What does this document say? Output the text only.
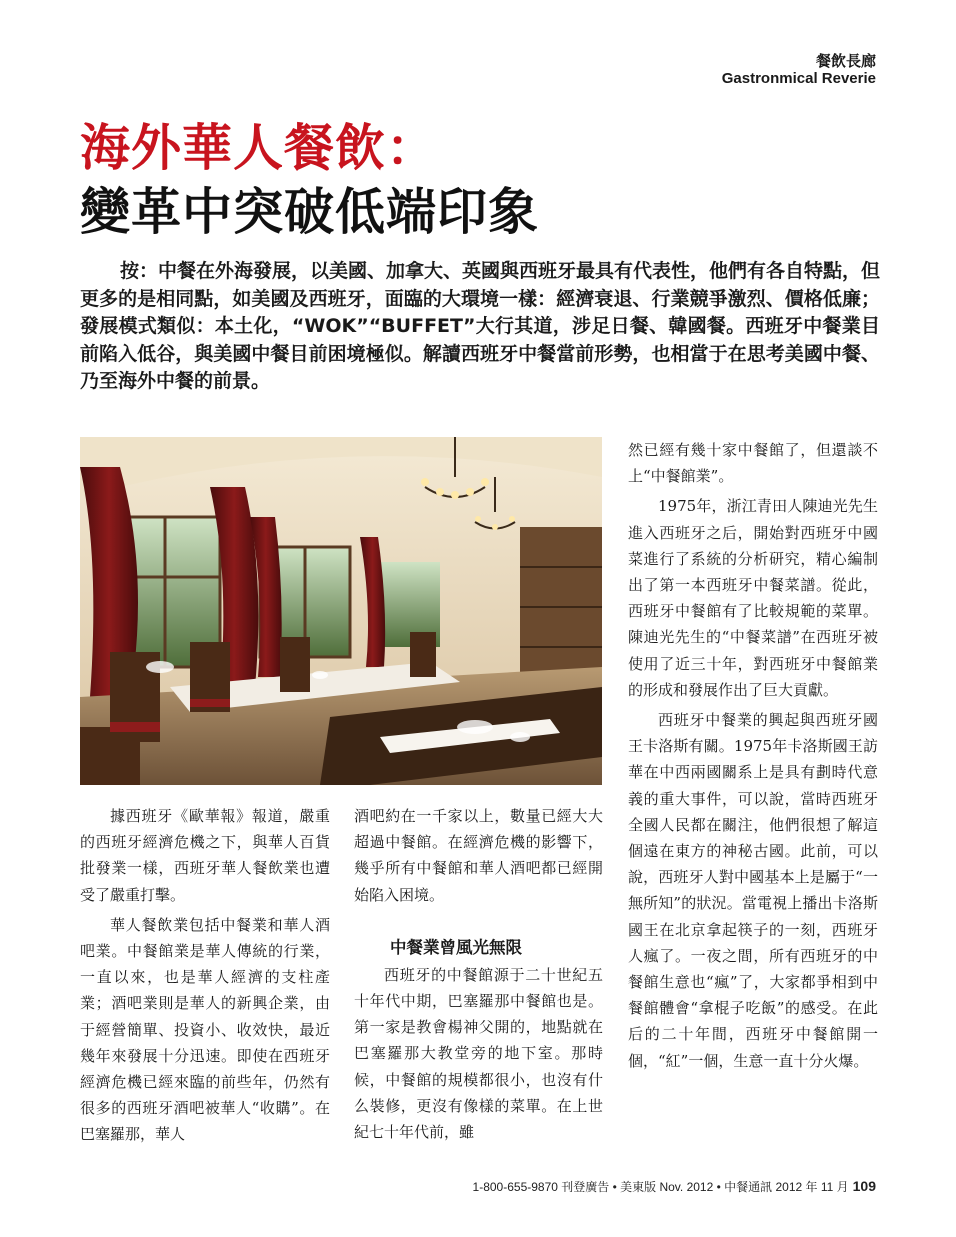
餐飲長廊
Gastronmical Reverie
海外華人餐飲：
變革中突破低端印象
按：中餐在外海發展，以美國、加拿大、英國與西班牙最具有代表性，他們有各自特點，但更多的是相同點，如美國及西班牙，面臨的大環境一樣：經濟衰退、行業競爭激烈、價格低廉；發展模式類似：本土化，“WOK”“BUFFET”大行其道，涉足日餐、韓國餐。西班牙中餐業目前陷入低谷，與美國中餐目前困境極似。解讀西班牙中餐當前形勢，也相當于在思考美國中餐、乃至海外中餐的前景。

據西班牙《歐華報》報道，嚴重的西班牙經濟危機之下，與華人百貨批發業一樣，西班牙華人餐飲業也遭受了嚴重打擊。

華人餐飲業包括中餐業和華人酒吧業。中餐館業是華人傳統的行業，一直以來，也是華人經濟的支柱產業；酒吧業則是華人的新興企業，由于經營簡單、投資小、收效快，最近幾年來發展十分迅速。即使在西班牙經濟危機已經來臨的前些年，仍然有很多的西班牙酒吧被華人“收購”。在巴塞羅那，華人

酒吧約在一千家以上，數量已經大大超過中餐館。在經濟危機的影響下，幾乎所有中餐館和華人酒吧都已經開始陷入困境。

中餐業曾風光無限

西班牙的中餐館源于二十世紀五十年代中期，巴塞羅那中餐館也是。第一家是教會楊神父開的，地點就在巴塞羅那大教堂旁的地下室。那時候，中餐館的規模都很小，也沒有什么裝修，更沒有像樣的菜單。在上世紀七十年代前，雖

然已經有幾十家中餐館了，但還談不上“中餐館業”。

1975年，浙江青田人陳迪光先生進入西班牙之后，開始對西班牙中國菜進行了系統的分析研究，精心編制出了第一本西班牙中餐菜譜。從此，西班牙中餐館有了比較規範的菜單。陳迪光先生的“中餐菜譜”在西班牙被使用了近三十年，對西班牙中餐館業的形成和發展作出了巨大貢獻。

西班牙中餐業的興起與西班牙國王卡洛斯有關。1975年卡洛斯國王訪華在中西兩國關系上是具有劃時代意義的重大事件，可以說，當時西班牙全國人民都在關注，他們很想了解這個遠在東方的神秘古國。此前，可以說，西班牙人對中國基本上是屬于“一無所知”的狀況。當電視上播出卡洛斯國王在北京拿起筷子的一刻，西班牙人瘋了。一夜之間，所有西班牙的中餐館生意也“瘋”了，大家都爭相到中餐館體會“拿棍子吃飯”的感受。在此后的二十年間，西班牙中餐館開一個，“紅”一個，生意一直十分火爆。

1-800-655-9870 刊登廣告 • 美東版 Nov. 2012 • 中餐通訊 2012 年 11 月 109
